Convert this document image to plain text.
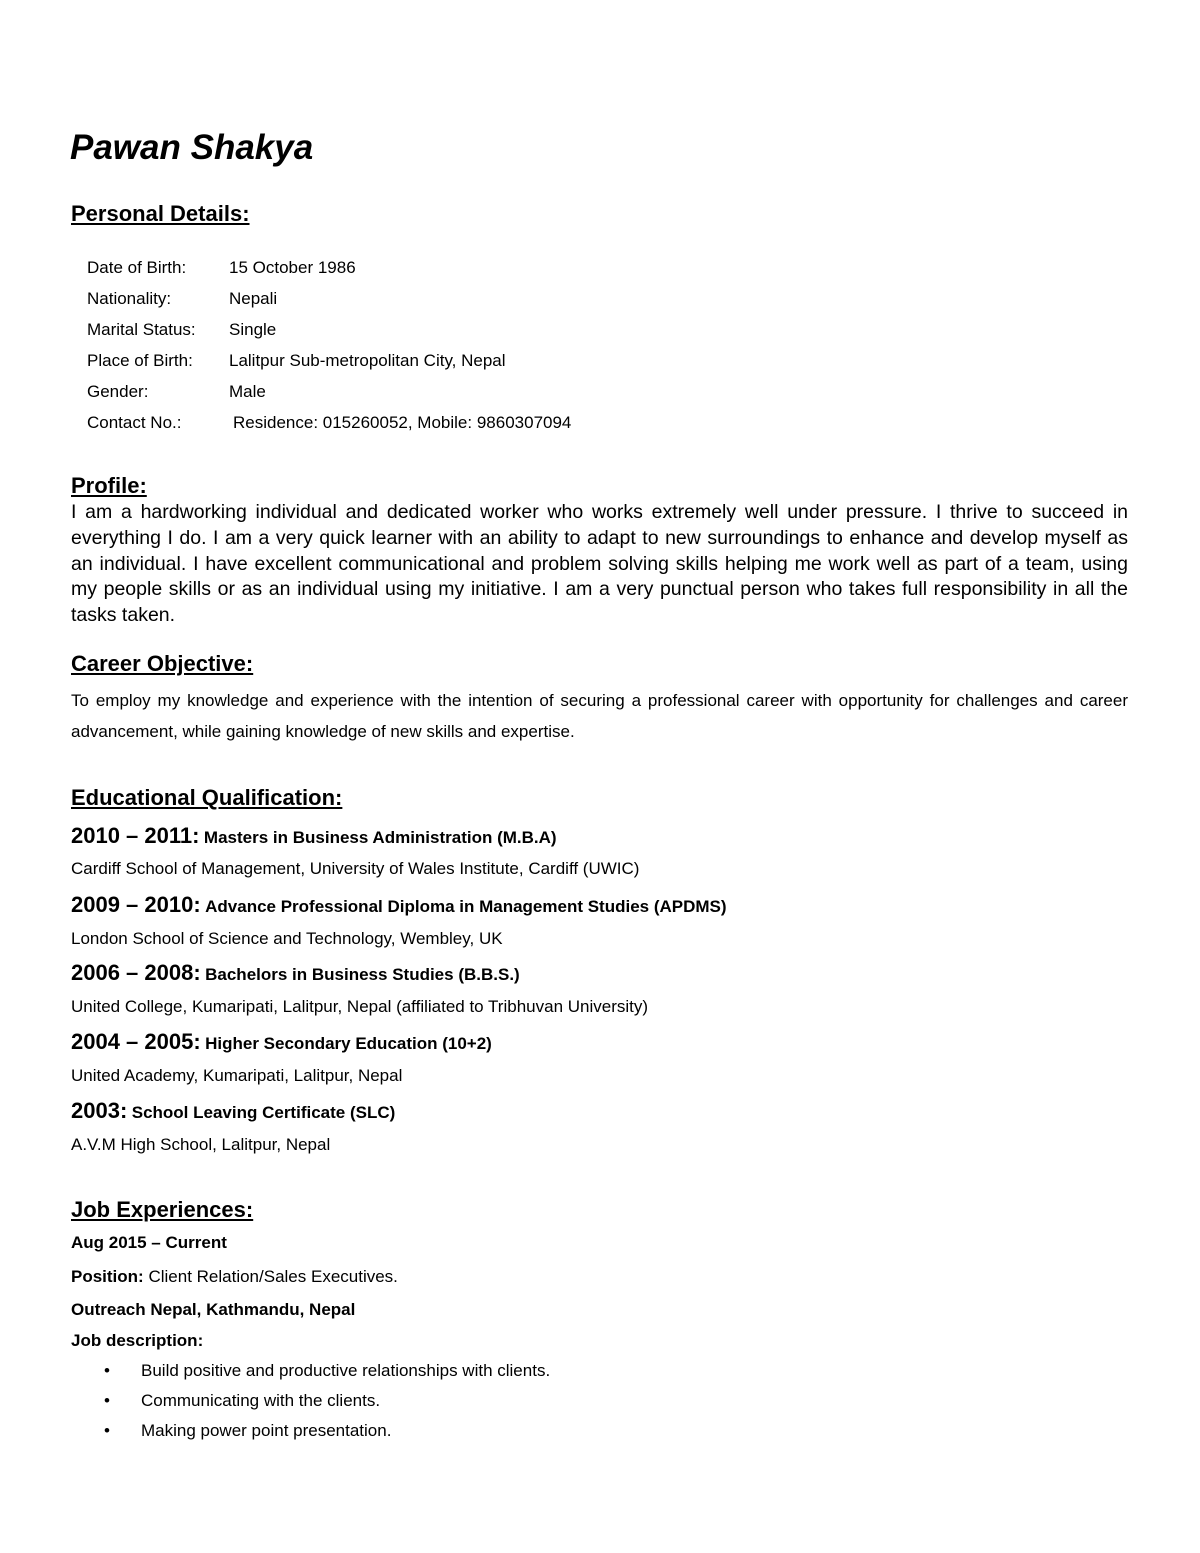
Pawan Shakya
Personal Details:
Date of Birth:	15 October 1986
Nationality:	Nepali
Marital Status: Single
Place of Birth: Lalitpur Sub-metropolitan City, Nepal
Gender:	Male
Contact No.:	Residence: 015260052, Mobile: 9860307094
Profile:
I am a hardworking individual and dedicated worker who works extremely well under pressure. I thrive to succeed in everything I do. I am a very quick learner with an ability to adapt to new surroundings to enhance and develop myself as an individual. I have excellent communicational and problem solving skills helping me work well as part of a team, using my people skills or as an individual using my initiative. I am a very punctual person who takes full responsibility in all the tasks taken.
Career Objective:
To employ my knowledge and experience with the intention of securing a professional career with opportunity for challenges and career advancement, while gaining knowledge of new skills and expertise.
Educational Qualification:
2010 – 2011: Masters in Business Administration (M.B.A)
Cardiff School of Management, University of Wales Institute, Cardiff (UWIC)
2009 – 2010: Advance Professional Diploma in Management Studies (APDMS)
London School of Science and Technology, Wembley, UK
2006 – 2008: Bachelors in Business Studies (B.B.S.)
United College, Kumaripati, Lalitpur, Nepal (affiliated to Tribhuvan University)
2004 – 2005: Higher Secondary Education (10+2)
United Academy, Kumaripati, Lalitpur, Nepal
2003: School Leaving Certificate (SLC)
A.V.M High School, Lalitpur, Nepal
Job Experiences:
Aug 2015 – Current
Position: Client Relation/Sales Executives.
Outreach Nepal, Kathmandu, Nepal
Job description:
• Build positive and productive relationships with clients.
• Communicating with the clients.
• Making power point presentation.
